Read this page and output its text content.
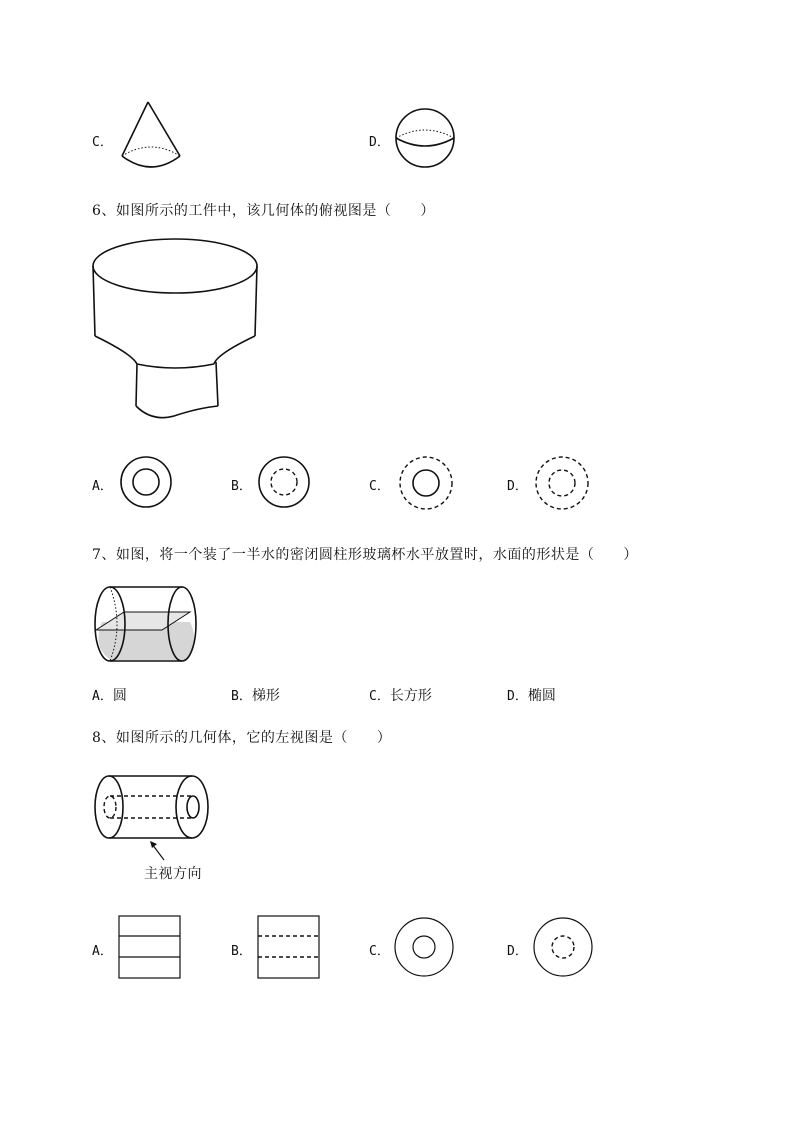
C．	D．
6、如图所示的工件中，该几何体的俯视图是（　　）
A．	B．	C．	D．
7、如图，将一个装了一半水的密闭圆柱形玻璃杯水平放置时，水面的形状是（　　）
A．圆	B．梯形	C．长方形	D．椭圆
8、如图所示的几何体，它的左视图是（　　）
主视方向
A．	B．	C．	D．
